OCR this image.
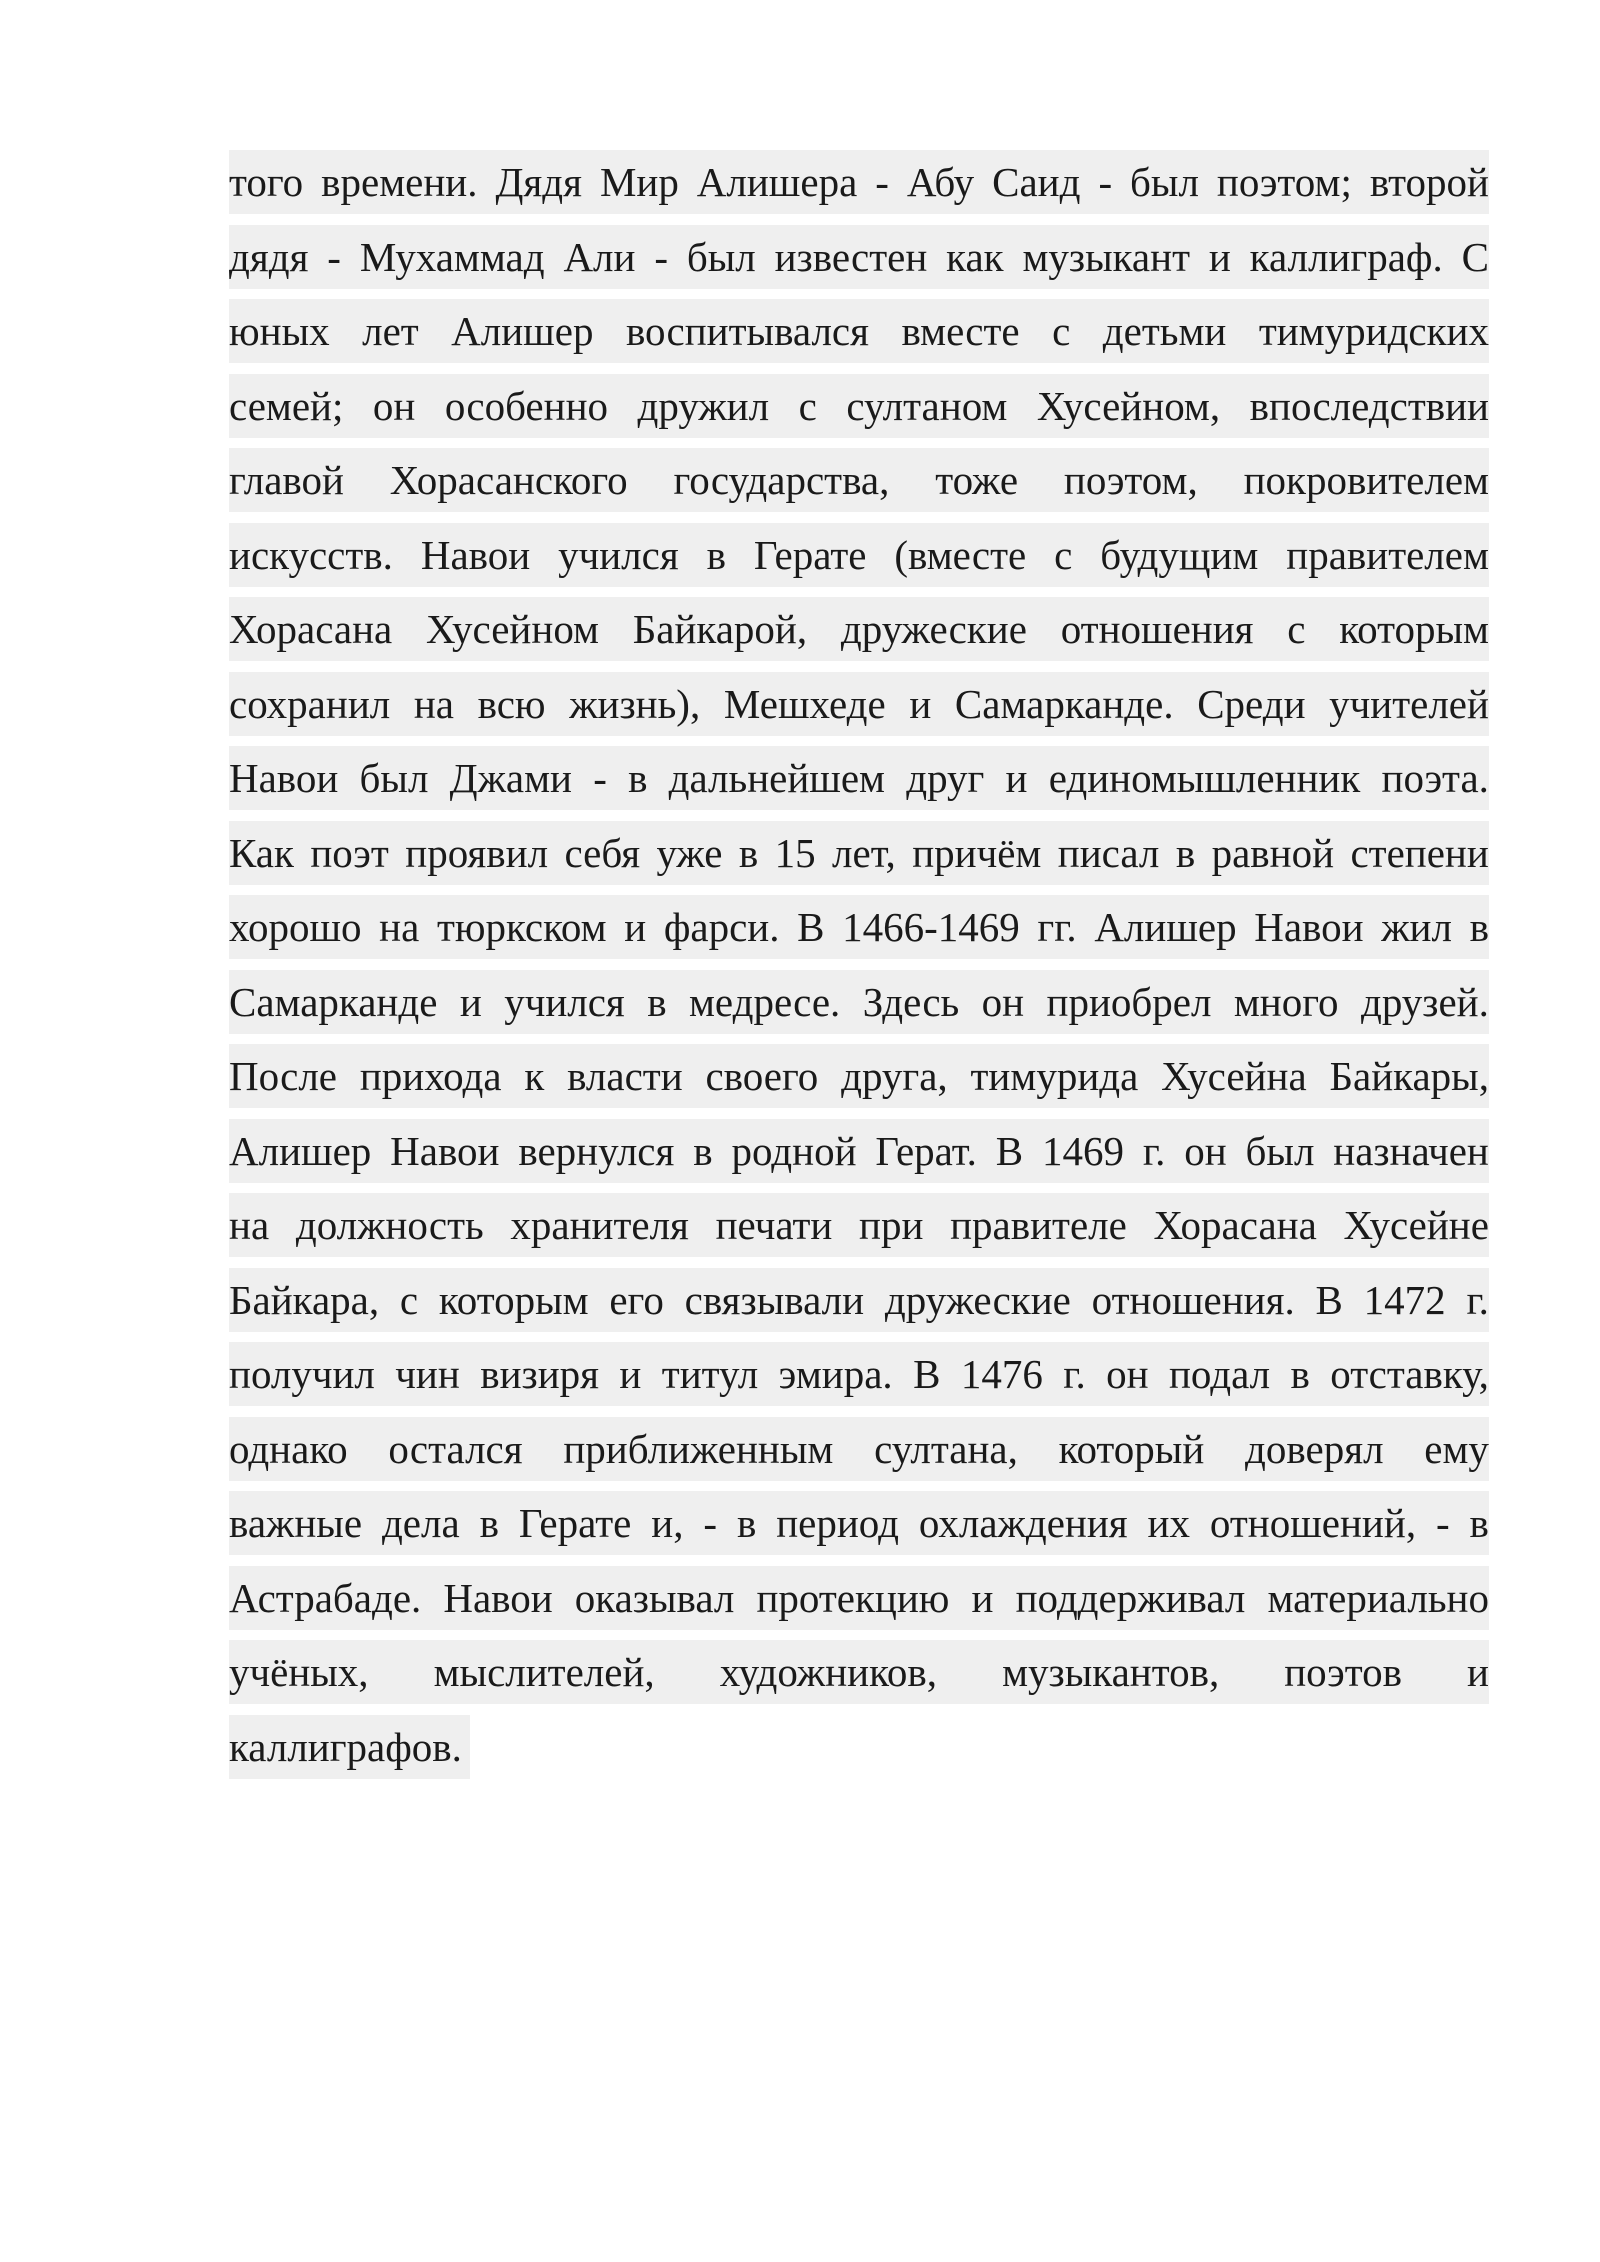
того времени. Дядя Мир Алишера - Абу Саид - был поэтом; второй
дядя - Мухаммад Али - был известен как музыкант и каллиграф. С
юных лет Алишер воспитывался вместе с детьми тимуридских
семей; он особенно дружил с султаном Хусейном, впоследствии
главой Хорасанского государства, тоже поэтом, покровителем
искусств. Навои учился в Герате (вместе с будущим правителем
Хорасана Хусейном Байкарой, дружеские отношения с которым
сохранил на всю жизнь), Мешхеде и Самарканде. Среди учителей
Навои был Джами - в дальнейшем друг и единомышленник поэта.
Как поэт проявил себя уже в 15 лет, причём писал в равной степени
хорошо на тюркском и фарси. В 1466-1469 гг. Алишер Навои жил в
Самарканде и учился в медресе. Здесь он приобрел много друзей.
После прихода к власти своего друга, тимурида Хусейна Байкары,
Алишер Навои вернулся в родной Герат. В 1469 г. он был назначен
на должность хранителя печати при правителе Хорасана Хусейне
Байкара, с которым его связывали дружеские отношения. В 1472 г.
получил чин визиря и титул эмира. В 1476 г. он подал в отставку,
однако остался приближенным султана, который доверял ему
важные дела в Герате и, - в период охлаждения их отношений, - в
Астрабаде. Навои оказывал протекцию и поддерживал материально
учёных, мыслителей, художников, музыкантов, поэтов и
каллиграфов.
